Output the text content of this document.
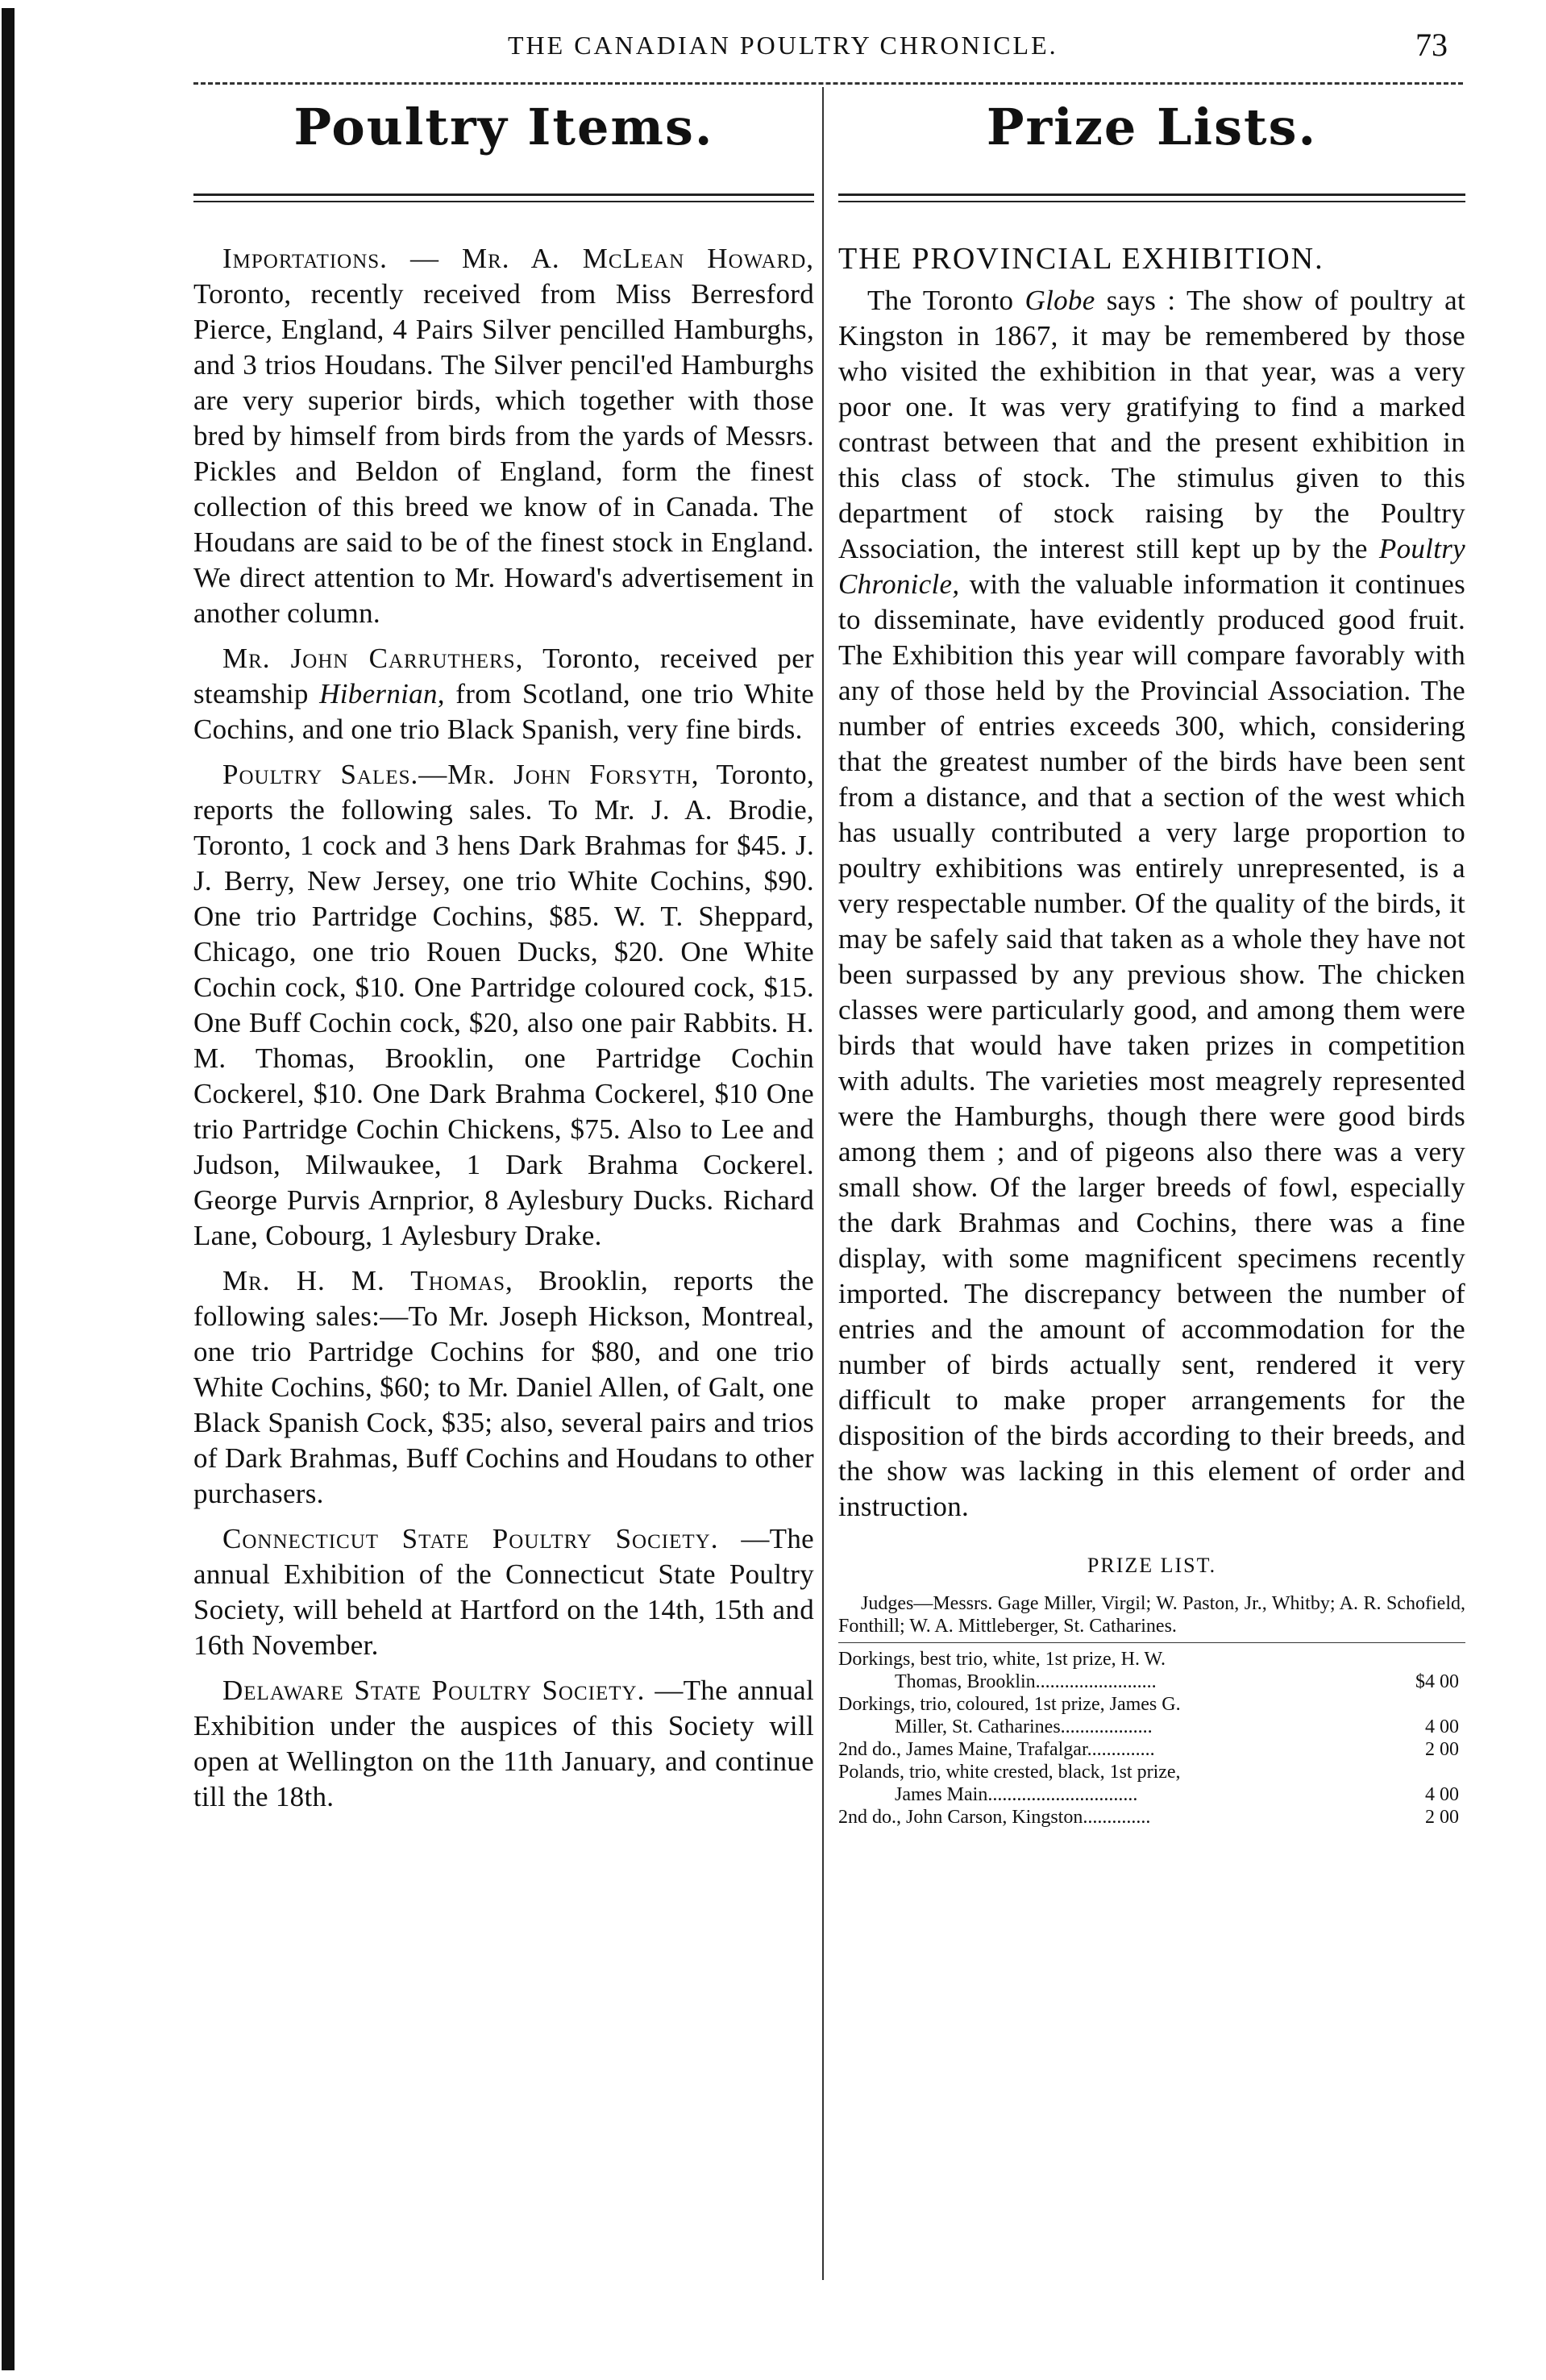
THE CANADIAN POULTRY CHRONICLE.	73
Poultry Items.

Importations. — Mr. A. McLean Howard, Toronto, recently received from Miss Berresford Pierce, England, 4 Pairs Silver pencilled Hamburghs, and 3 trios Houdans. The Silver pencil'ed Hamburghs are very superior birds, which together with those bred by himself from birds from the yards of Messrs. Pickles and Beldon of England, form the finest collection of this breed we know of in Canada. The Houdans are said to be of the finest stock in England. We direct attention to Mr. Howard's advertisement in another column.

Mr. John Carruthers, Toronto, received per steamship Hibernian, from Scotland, one trio White Cochins, and one trio Black Spanish, very fine birds.

Poultry Sales.—Mr. John Forsyth, Toronto, reports the following sales. To Mr. J. A. Brodie, Toronto, 1 cock and 3 hens Dark Brahmas for $45. J. J. Berry, New Jersey, one trio White Cochins, $90. One trio Partridge Cochins, $85. W. T. Sheppard, Chicago, one trio Rouen Ducks, $20. One White Cochin cock, $10. One Partridge coloured cock, $15. One Buff Cochin cock, $20, also one pair Rabbits. H. M. Thomas, Brooklin, one Partridge Cochin Cockerel, $10. One Dark Brahma Cockerel, $10 One trio Partridge Cochin Chickens, $75. Also to Lee and Judson, Milwaukee, 1 Dark Brahma Cockerel. George Purvis Arnprior, 8 Aylesbury Ducks. Richard Lane, Cobourg, 1 Aylesbury Drake.

Mr. H. M. Thomas, Brooklin, reports the following sales:—To Mr. Joseph Hickson, Montreal, one trio Partridge Cochins for $80, and one trio White Cochins, $60; to Mr. Daniel Allen, of Galt, one Black Spanish Cock, $35; also, several pairs and trios of Dark Brahmas, Buff Cochins and Houdans to other purchasers.

Connecticut State Poultry Society. —The annual Exhibition of the Connecticut State Poultry Society, will beheld at Hartford on the 14th, 15th and 16th November.

Delaware State Poultry Society. —The annual Exhibition under the auspices of this Society will open at Wellington on the 11th January, and continue till the 18th.

Prize Lists.
THE PROVINCIAL EXHIBITION.

The Toronto Globe says : The show of poultry at Kingston in 1867, it may be remembered by those who visited the exhibition in that year, was a very poor one. It was very gratifying to find a marked contrast between that and the present exhibition in this class of stock. The stimulus given to this department of stock raising by the Poultry Association, the interest still kept up by the Poultry Chronicle, with the valuable information it continues to disseminate, have evidently produced good fruit. The Exhibition this year will compare favorably with any of those held by the Provincial Association. The number of entries exceeds 300, which, considering that the greatest number of the birds have been sent from a distance, and that a section of the west which has usually contributed a very large proportion to poultry exhibitions was entirely unrepresented, is a very respectable number. Of the quality of the birds, it may be safely said that taken as a whole they have not been surpassed by any previous show. The chicken classes were particularly good, and among them were birds that would have taken prizes in competition with adults. The varieties most meagrely represented were the Hamburghs, though there were good birds among them ; and of pigeons also there was a very small show. Of the larger breeds of fowl, especially the dark Brahmas and Cochins, there was a fine display, with some magnificent specimens recently imported. The discrepancy between the number of entries and the amount of accommodation for the number of birds actually sent, rendered it very difficult to make proper arrangements for the disposition of the birds according to their breeds, and the show was lacking in this element of order and instruction.

PRIZE LIST.

Judges—Messrs. Gage Miller, Virgil; W. Paston, Jr., Whitby; A. R. Schofield, Fonthill; W. A. Mittleberger, St. Catharines.

Dorkings, best trio, white, 1st prize, H. W.
Thomas, Brooklin.........................	$4 00
Dorkings, trio, coloured, 1st prize, James G.
Miller, St. Catharines...................	4 00
2nd do., James Maine, Trafalgar..............	2 00
Polands, trio, white crested, black, 1st prize,
James Main...............................	4 00
2nd do., John Carson, Kingston..............	2 00
